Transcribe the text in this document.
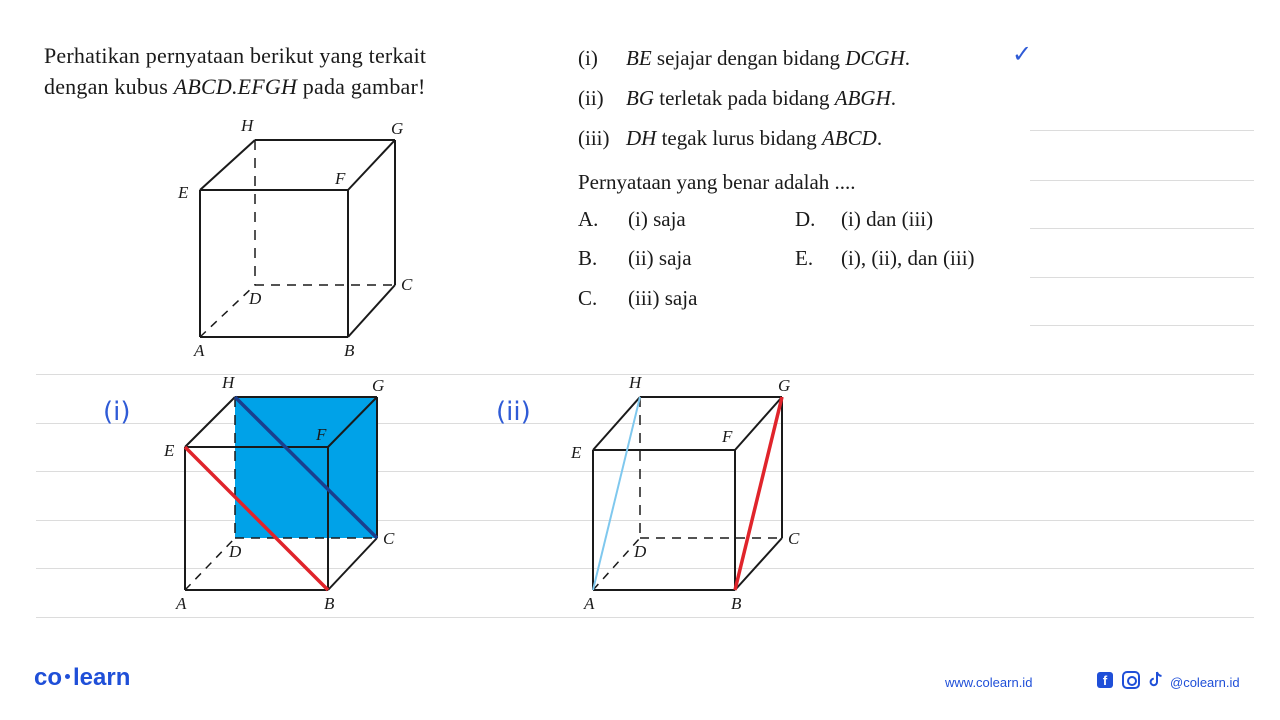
Perhatikan pernyataan berikut yang terkait
dengan kubus ABCD.EFGH pada gambar!
(i) BE sejajar dengan bidang DCGH.	✓
(ii) BG terletak pada bidang ABGH.
(iii) DH tegak lurus bidang ABCD.
Pernyataan yang benar adalah ....
A. (i) saja
B. (ii) saja
C. (iii) saja
D. (i) dan (iii)
E. (i), (ii), dan (iii)
H	G
E
F
C
D
A	B
H	G
E
F
C
D
A	B
H	G
E
F
C
D
A	B
(i)	(ii)
co learn	www.colearn.id	f	@colearn.id
